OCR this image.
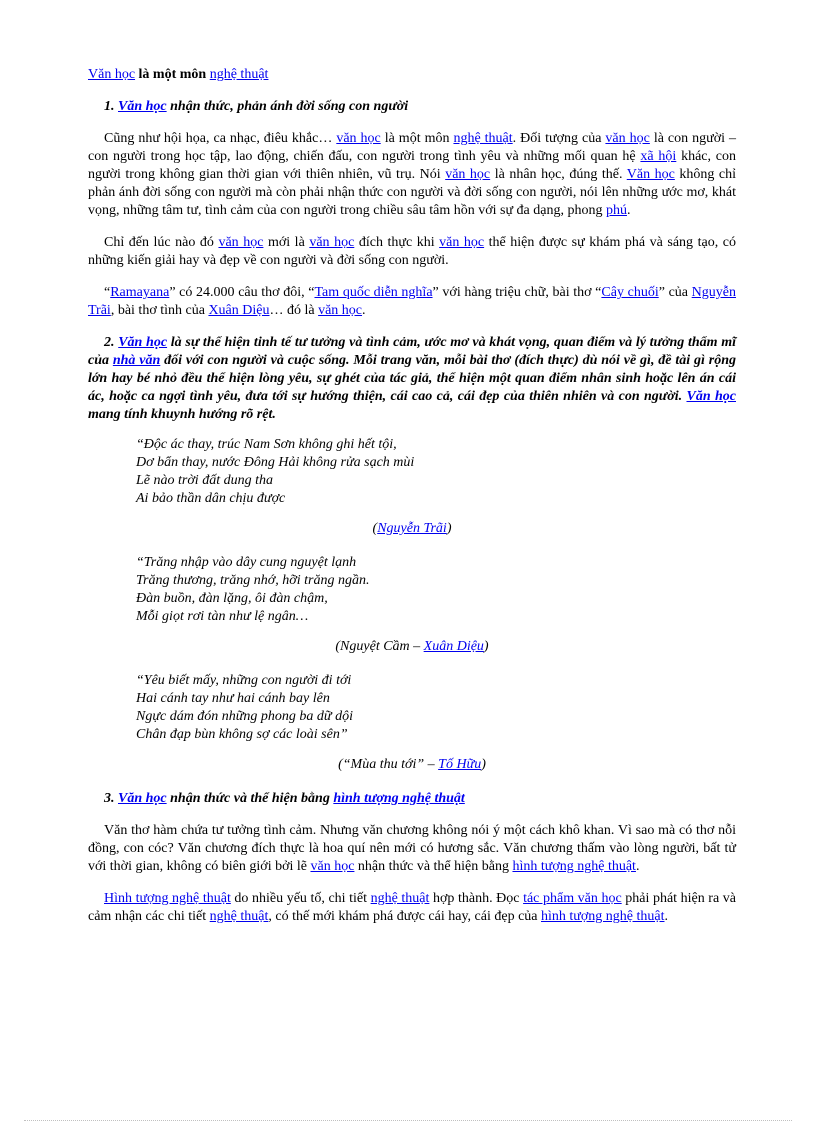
Văn học là một môn nghệ thuật
1. Văn học nhận thức, phản ánh đời sống con người
Cũng như hội họa, ca nhạc, điêu khắc… văn học là một môn nghệ thuật. Đối tượng của văn học là con người – con người trong học tập, lao động, chiến đấu, con người trong tình yêu và những mối quan hệ xã hội khác, con người trong không gian thời gian với thiên nhiên, vũ trụ. Nói văn học là nhân học, đúng thế. Văn học không chỉ phản ánh đời sống con người mà còn phải nhận thức con người và đời sống con người, nói lên những ước mơ, khát vọng, những tâm tư, tình cảm của con người trong chiều sâu tâm hồn với sự đa dạng, phong phú.
Chỉ đến lúc nào đó văn học mới là văn học đích thực khi văn học thể hiện được sự khám phá và sáng tạo, có những kiến giải hay và đẹp về con người và đời sống con người.
“Ramayana” có 24.000 câu thơ đôi, “Tam quốc diễn nghĩa” với hàng triệu chữ, bài thơ “Cây chuối” của Nguyễn Trãi, bài thơ tình của Xuân Diệu… đó là văn học.
2. Văn học là sự thể hiện tinh tế tư tưởng và tình cảm, ước mơ và khát vọng, quan điểm và lý tưởng thẩm mĩ của nhà văn đối với con người và cuộc sống. Mỗi trang văn, mỗi bài thơ (đích thực) dù nói về gì, đề tài gì rộng lớn hay bé nhỏ đều thể hiện lòng yêu, sự ghét của tác giả, thể hiện một quan điểm nhân sinh hoặc lên án cái ác, hoặc ca ngợi tình yêu, đưa tới sự hướng thiện, cái cao cả, cái đẹp của thiên nhiên và con người. Văn học mang tính khuynh hướng rõ rệt.
“Độc ác thay, trúc Nam Sơn không ghi hết tội,
Dơ bẩn thay, nước Đông Hải không rửa sạch mùi
Lẽ nào trời đất dung tha
Ai bảo thần dân chịu được
(Nguyễn Trãi)
“Trăng nhập vào dây cung nguyệt lạnh
Trăng thương, trăng nhớ, hỡi trăng ngần.
Đàn buồn, đàn lặng, ôi đàn chậm,
Mỗi giọt rơi tàn như lệ ngân…
(Nguyệt Cầm – Xuân Diệu)
“Yêu biết mấy, những con người đi tới
Hai cánh tay như hai cánh bay lên
Ngực dám đón những phong ba dữ dội
Chân đạp bùn không sợ các loài sên”
(“Mùa thu tới” – Tố Hữu)
3. Văn học nhận thức và thể hiện bằng hình tượng nghệ thuật
Văn thơ hàm chứa tư tưởng tình cảm. Nhưng văn chương không nói ý một cách khô khan. Vì sao mà có thơ nỗi đồng, con cóc? Văn chương đích thực là hoa quí nên mới có hương sắc. Văn chương thấm vào lòng người, bất tử với thời gian, không có biên giới bởi lẽ văn học nhận thức và thể hiện bằng hình tượng nghệ thuật.
Hình tượng nghệ thuật do nhiều yếu tố, chi tiết nghệ thuật hợp thành. Đọc tác phẩm văn học phải phát hiện ra và cảm nhận các chi tiết nghệ thuật, có thế mới khám phá được cái hay, cái đẹp của hình tượng nghệ thuật.
